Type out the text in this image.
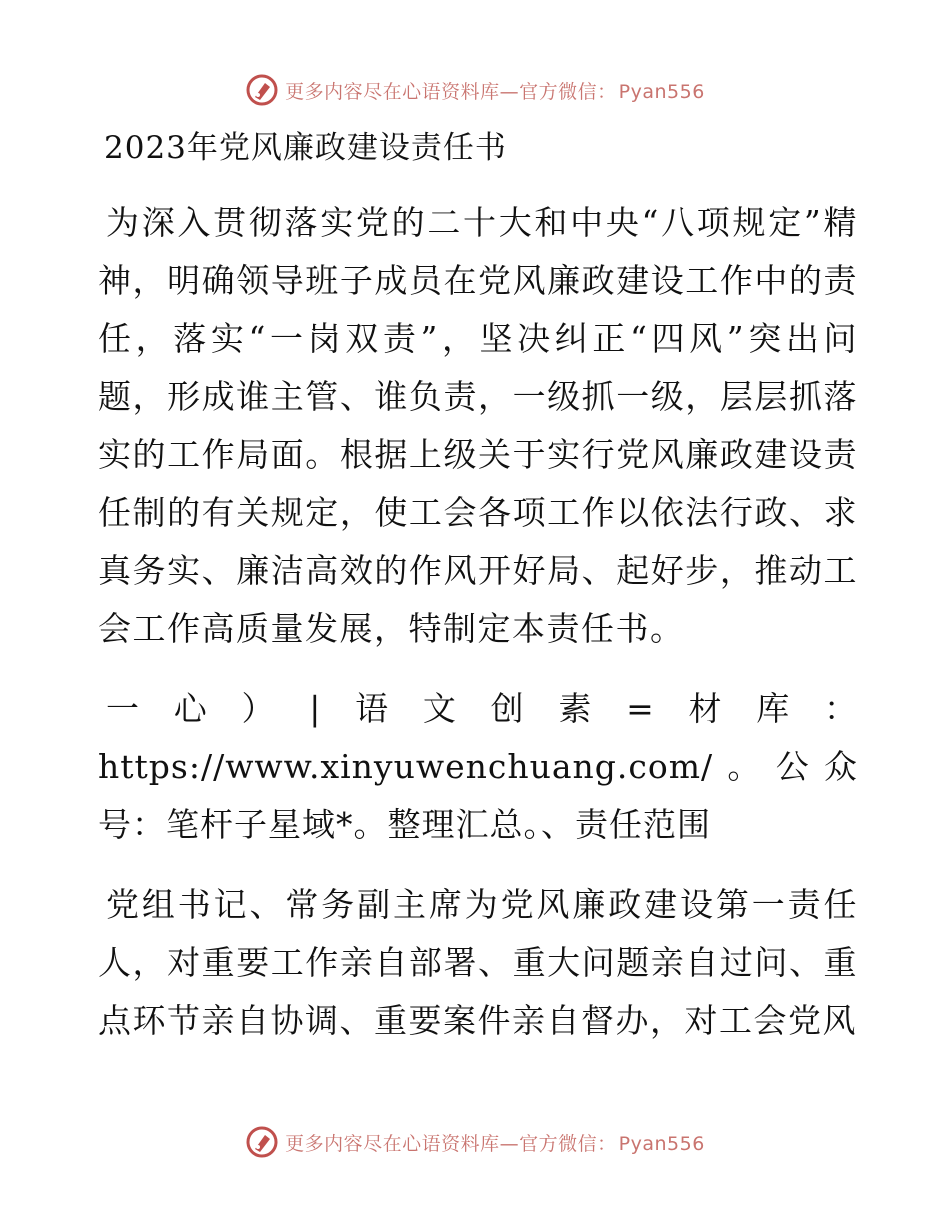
更多内容尽在心语资料库—官方微信： Pyan556
2023年党风廉政建设责任书

为深入贯彻落实党的二十大和中央“八项规定”精神，明确领导班子成员在党风廉政建设工作中的责任，落实“一岗双责”，坚决纠正“四风”突出问题，形成谁主管、谁负责，一级抓一级，层层抓落实的工作局面。根据上级关于实行党风廉政建设责任制的有关规定，使工会各项工作以依法行政、求真务实、廉洁高效的作风开好局、起好步，推动工会工作高质量发展，特制定本责任书。

一心）|语文创素=材库：https://www.xinyuwenchuang.com/。公众号：笔杆子星域*。整理汇总。、责任范围

党组书记、常务副主席为党风廉政建设第一责任人，对重要工作亲自部署、重大问题亲自过问、重点环节亲自协调、重要案件亲自督办，对工会党风

更多内容尽在心语资料库—官方微信： Pyan556
